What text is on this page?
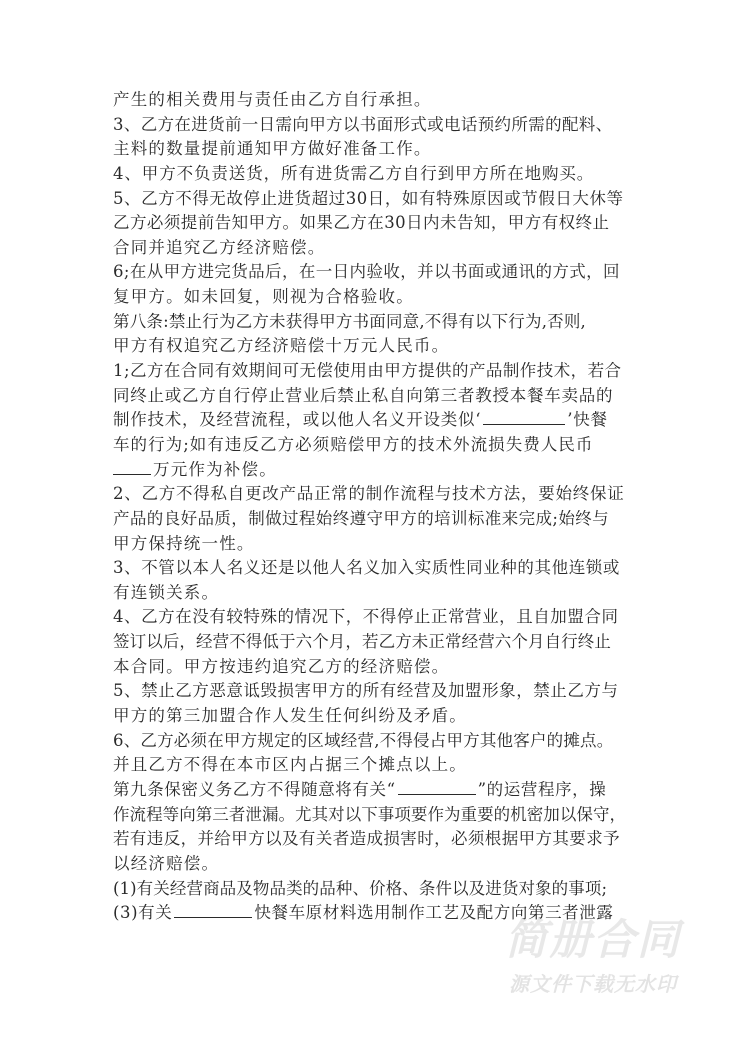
产生的相关费用与责任由乙方自行承担。
3、乙方在进货前一日需向甲方以书面形式或电话预约所需的配料、
主料的数量提前通知甲方做好准备工作。
4、甲方不负责送货，所有进货需乙方自行到甲方所在地购买。
5、乙方不得无故停止进货超过30日，如有特殊原因或节假日大休等
乙方必须提前告知甲方。如果乙方在30日内未告知，甲方有权终止
合同并追究乙方经济赔偿。
6;在从甲方进完货品后，在一日内验收，并以书面或通讯的方式，回
复甲方。如未回复，则视为合格验收。
第八条:禁止行为乙方未获得甲方书面同意,不得有以下行为,否则,
甲方有权追究乙方经济赔偿十万元人民币。
1;乙方在合同有效期间可无偿使用由甲方提供的产品制作技术，若合
同终止或乙方自行停止营业后禁止私自向第三者教授本餐车卖品的
制作技术，及经营流程，或以他人名义开设类似‘	’快餐
车的行为;如有违反乙方必须赔偿甲方的技术外流损失费人民币
万元作为补偿。
2、乙方不得私自更改产品正常的制作流程与技术方法，要始终保证
产品的良好品质，制做过程始终遵守甲方的培训标准来完成;始终与
甲方保持统一性。
3、不管以本人名义还是以他人名义加入实质性同业种的其他连锁或
有连锁关系。
4、乙方在没有较特殊的情况下，不得停止正常营业，且自加盟合同
签订以后，经营不得低于六个月，若乙方未正常经营六个月自行终止
本合同。甲方按违约追究乙方的经济赔偿。
5、禁止乙方恶意诋毁损害甲方的所有经营及加盟形象，禁止乙方与
甲方的第三加盟合作人发生任何纠纷及矛盾。
6、乙方必须在甲方规定的区域经营,不得侵占甲方其他客户的摊点。
并且乙方不得在本市区内占据三个摊点以上。
第九条保密义务乙方不得随意将有关“	”的运营程序，操
作流程等向第三者泄漏。尤其对以下事项要作为重要的机密加以保守，
若有违反，并给甲方以及有关者造成损害时，必须根据甲方其要求予
以经济赔偿。
(1)有关经营商品及物品类的品种、价格、条件以及进货对象的事项;
(3)有关	快餐车原材料选用制作工艺及配方向第三者泄露
简册合同
源文件下载无水印
